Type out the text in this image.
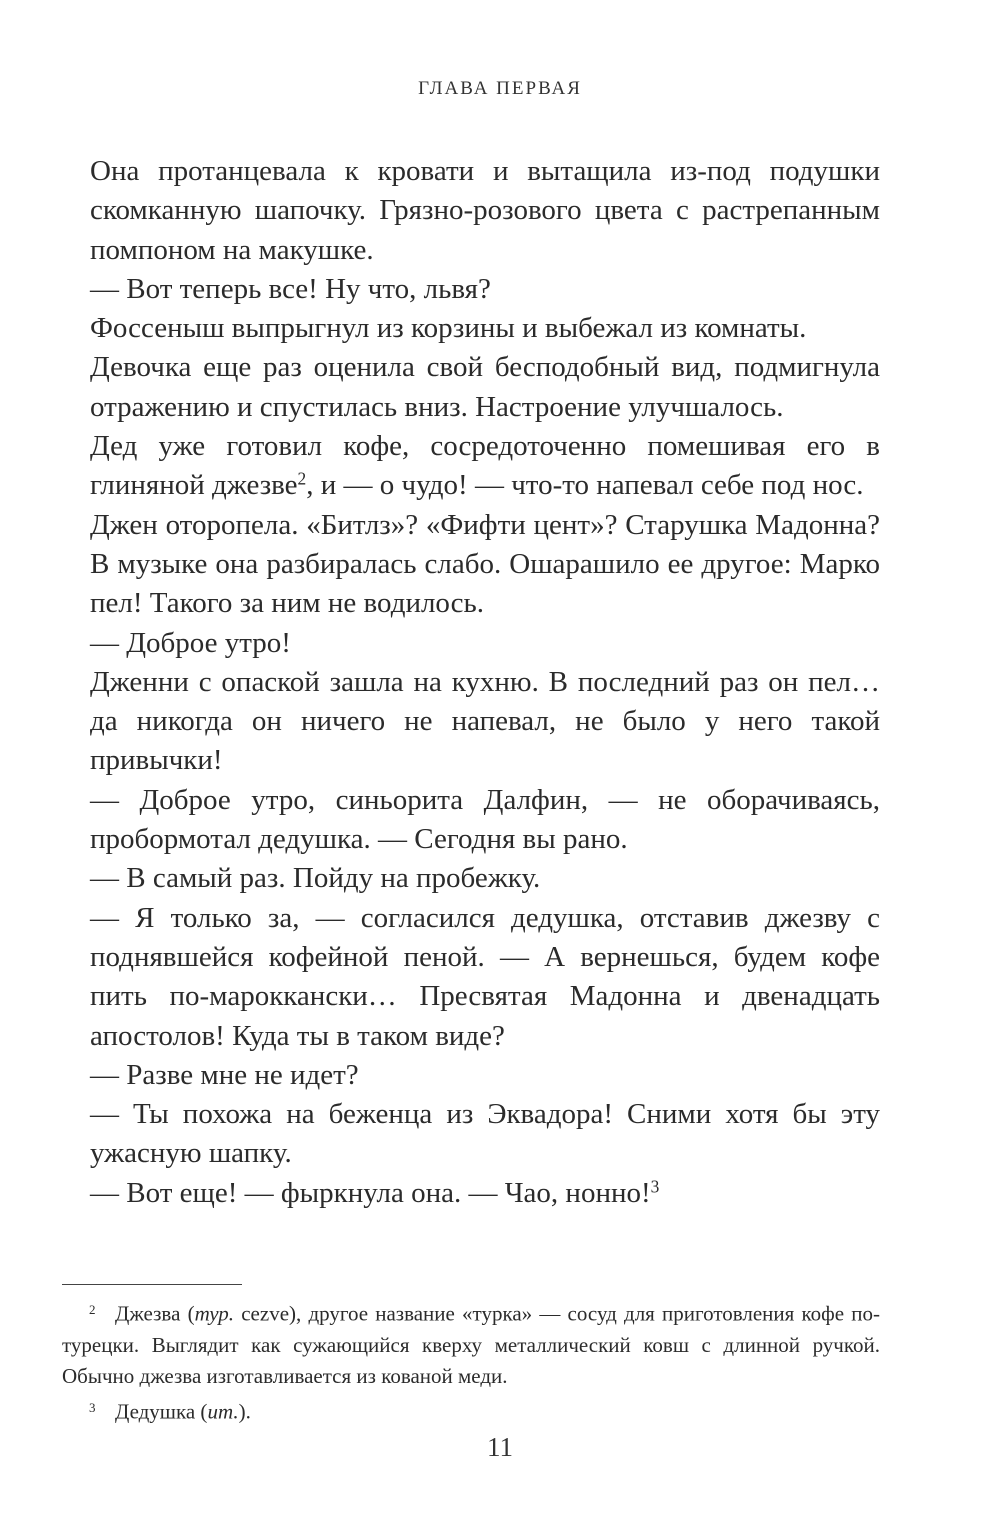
ГЛАВА ПЕРВАЯ

Она протанцевала к кровати и вытащила из-под подушки скомканную шапочку. Грязно-розового цвета с растрепанным помпоном на макушке.

— Вот теперь все! Ну что, львя?

Фоссеныш выпрыгнул из корзины и выбежал из комнаты.

Девочка еще раз оценила свой бесподобный вид, подмигнула отражению и спустилась вниз. Настроение улучшалось.

Дед уже готовил кофе, сосредоточенно помешивая его в глиняной джезве$^2$, и — о чудо! — что-то напевал себе под нос.

Джен оторопела. «Битлз»? «Фифти цент»? Старушка Мадонна? В музыке она разбиралась слабо. Ошарашило ее другое: Марко пел! Такого за ним не водилось.

— Доброе утро!

Дженни с опаской зашла на кухню. В последний раз он пел… да никогда он ничего не напевал, не было у него такой привычки!

— Доброе утро, синьорита Далфин, — не оборачиваясь, пробормотал дедушка. — Сегодня вы рано.

— В самый раз. Пойду на пробежку.

— Я только за, — согласился дедушка, отставив джезву с поднявшейся кофейной пеной. — А вернешься, будем кофе пить по-мароккански… Пресвятая Мадонна и двенадцать апостолов! Куда ты в таком виде?

— Разве мне не идет?

— Ты похожа на беженца из Эквадора! Сними хотя бы эту ужасную шапку.

— Вот еще! — фыркнула она. — Чао, нонно!$^3$

2 Джезва (тур. cezve), другое название «турка» — сосуд для приготовления кофе по-турецки. Выглядит как сужающийся кверху металлический ковш с длинной ручкой. Обычно джезва изготавливается из кованой меди.

3 Дедушка (ит.).

11
